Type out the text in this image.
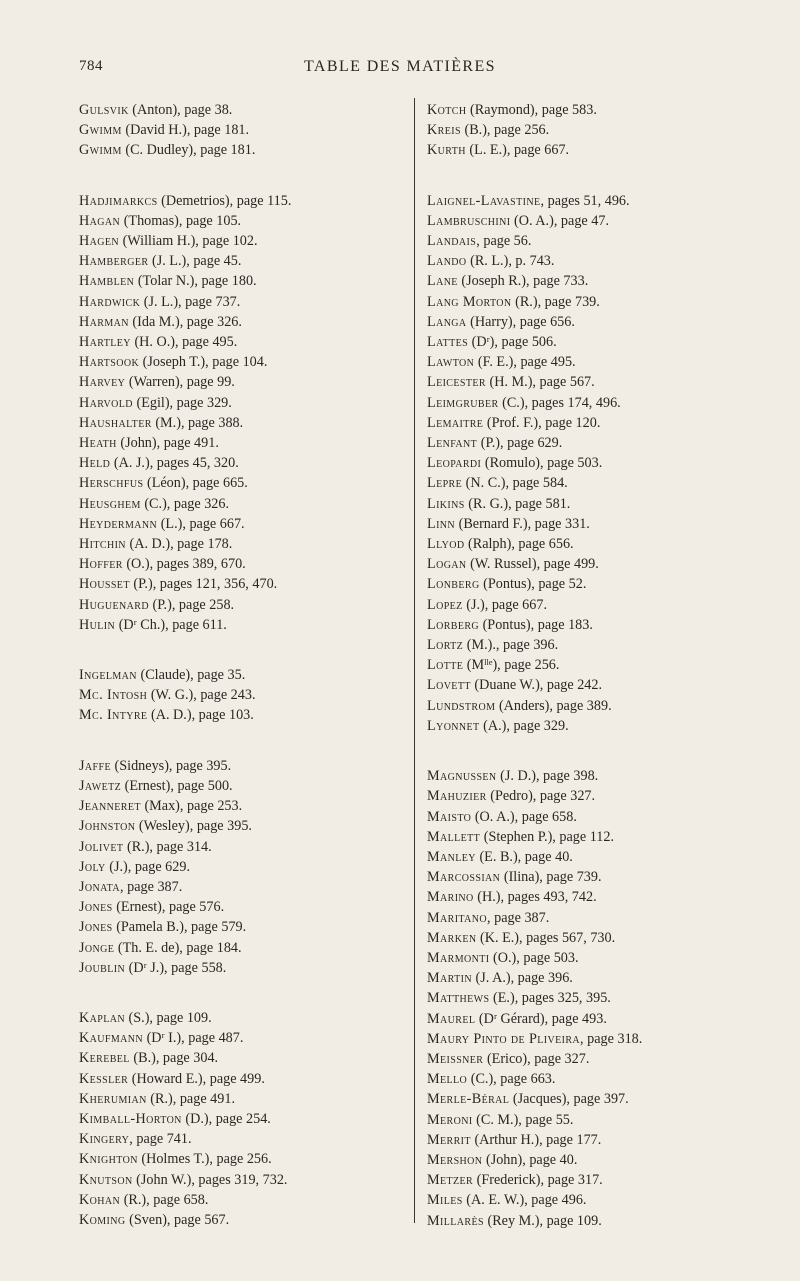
784	TABLE DES MATIÈRES
Gulsvik (Anton), page 38.
Gwimm (David H.), page 181.
Gwimm (C. Dudley), page 181.
Hadjimarkcs (Demetrios), page 115.
Hagan (Thomas), page 105.
Hagen (William H.), page 102.
Hamberger (J. L.), page 45.
Hamblen (Tolar N.), page 180.
Hardwick (J. L.), page 737.
Harman (Ida M.), page 326.
Hartley (H. O.), page 495.
Hartsook (Joseph T.), page 104.
Harvey (Warren), page 99.
Harvold (Egil), page 329.
Haushalter (M.), page 388.
Heath (John), page 491.
Held (A. J.), pages 45, 320.
Herschfus (Léon), page 665.
Heusghem (C.), page 326.
Heydermann (L.), page 667.
Hitchin (A. D.), page 178.
Hoffer (O.), pages 389, 670.
Housset (P.), pages 121, 356, 470.
Huguenard (P.), page 258.
Hulin (Dʳ Ch.), page 611.
Ingelman (Claude), page 35.
Mc. Intosh (W. G.), page 243.
Mc. Intyre (A. D.), page 103.
Jaffe (Sidneys), page 395.
Jawetz (Ernest), page 500.
Jeanneret (Max), page 253.
Johnston (Wesley), page 395.
Jolivet (R.), page 314.
Joly (J.), page 629.
Jonata, page 387.
Jones (Ernest), page 576.
Jones (Pamela B.), page 579.
Jonge (Th. E. de), page 184.
Joublin (Dʳ J.), page 558.
Kaplan (S.), page 109.
Kaufmann (Dʳ I.), page 487.
Kerebel (B.), page 304.
Kessler (Howard E.), page 499.
Kherumian (R.), page 491.
Kimball-Horton (D.), page 254.
Kingery, page 741.
Knighton (Holmes T.), page 256.
Knutson (John W.), pages 319, 732.
Kohan (R.), page 658.
Koming (Sven), page 567.
Kotch (Raymond), page 583.
Kreis (B.), page 256.
Kurth (L. E.), page 667.
Laignel-Lavastine, pages 51, 496.
Lambruschini (O. A.), page 47.
Landais, page 56.
Lando (R. L.), p. 743.
Lane (Joseph R.), page 733.
Lang Morton (R.), page 739.
Langa (Harry), page 656.
Lattes (Dʳ), page 506.
Lawton (F. E.), page 495.
Leicester (H. M.), page 567.
Leimgruber (C.), pages 174, 496.
Lemaitre (Prof. F.), page 120.
Lenfant (P.), page 629.
Leopardi (Romulo), page 503.
Lepre (N. C.), page 584.
Likins (R. G.), page 581.
Linn (Bernard F.), page 331.
Llyod (Ralph), page 656.
Logan (W. Russel), page 499.
Lonberg (Pontus), page 52.
Lopez (J.), page 667.
Lorberg (Pontus), page 183.
Lortz (M.)., page 396.
Lotte (Mˡˡᵉ), page 256.
Lovett (Duane W.), page 242.
Lundstrom (Anders), page 389.
Lyonnet (A.), page 329.
Magnussen (J. D.), page 398.
Mahuzier (Pedro), page 327.
Maisto (O. A.), page 658.
Mallett (Stephen P.), page 112.
Manley (E. B.), page 40.
Marcossian (Ilina), page 739.
Marino (H.), pages 493, 742.
Maritano, page 387.
Marken (K. E.), pages 567, 730.
Marmonti (O.), page 503.
Martin (J. A.), page 396.
Matthews (E.), pages 325, 395.
Maurel (Dʳ Gérard), page 493.
Maury Pinto de Pliveira, page 318.
Meissner (Erico), page 327.
Mello (C.), page 663.
Merle-Béral (Jacques), page 397.
Meroni (C. M.), page 55.
Merrit (Arthur H.), page 177.
Mershon (John), page 40.
Metzer (Frederick), page 317.
Miles (A. E. W.), page 496.
Millarès (Rey M.), page 109.
